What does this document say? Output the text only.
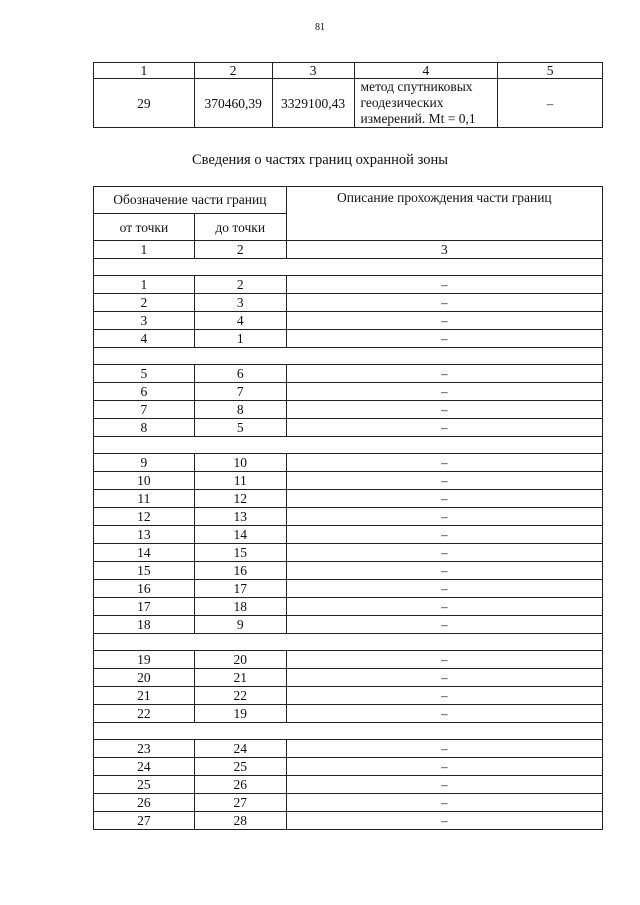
81
1	2	3	4	5
29	370460,39	3329100,43	метод спутниковых геодезических измерений. Mt = 0,1	–
Сведения о частях границ охранной зоны
Обозначение части границ		Описание прохождения части границ
от точки	до точки	
1	2	3

1	2	–
2	3	–
3	4	–
4	1	–

5	6	–
6	7	–
7	8	–
8	5	–

9	10	–
10	11	–
11	12	–
12	13	–
13	14	–
14	15	–
15	16	–
16	17	–
17	18	–
18	9	–

19	20	–
20	21	–
21	22	–
22	19	–

23	24	–
24	25	–
25	26	–
26	27	–
27	28	–
